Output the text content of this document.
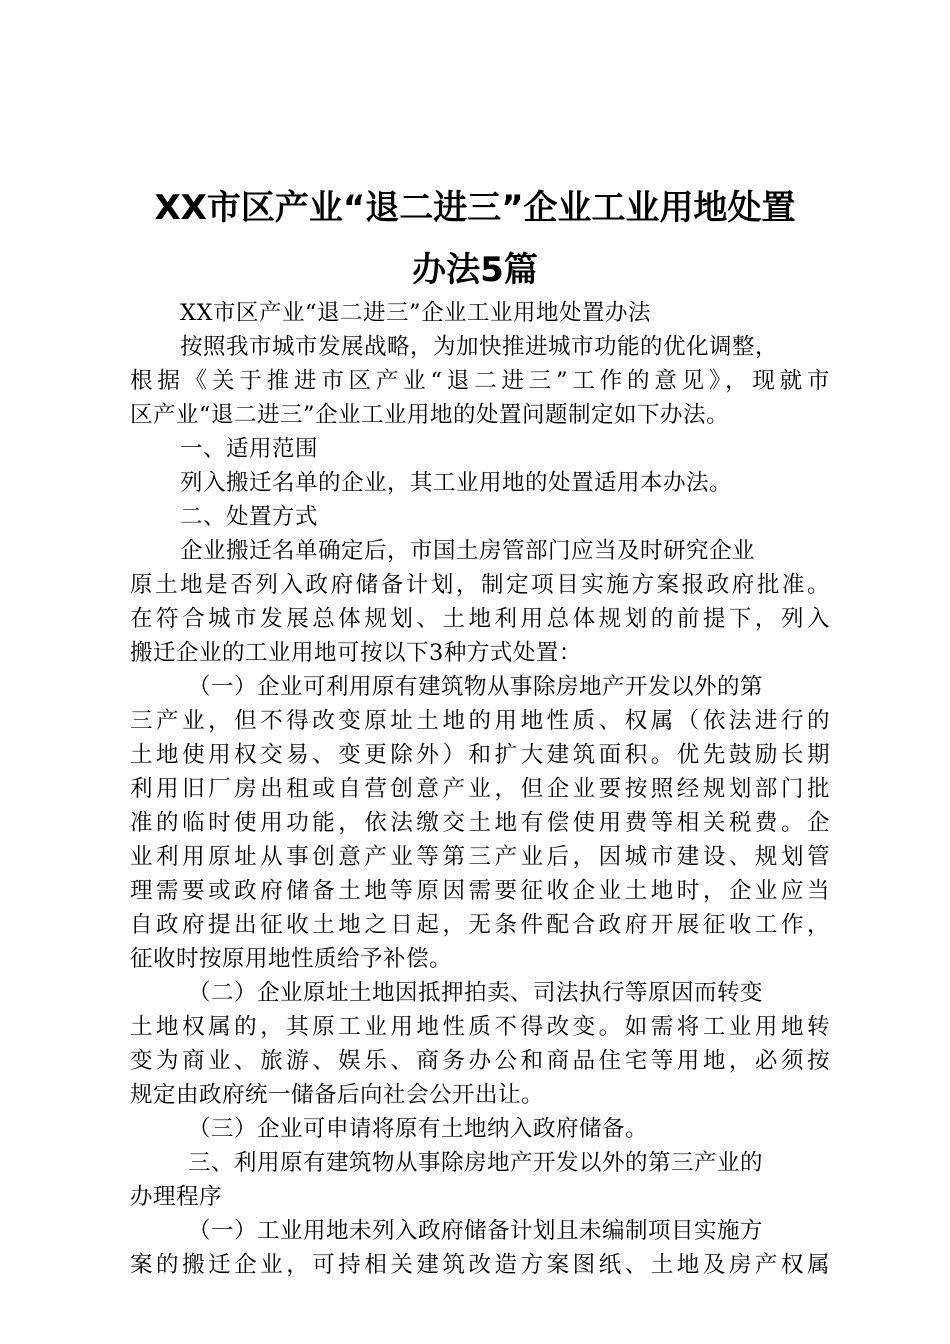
XX市区产业“退二进三”企业工业用地处置
办法5篇
XX市区产业“退二进三”企业工业用地处置办法
按照我市城市发展战略，为加快推进城市功能的优化调整，
根据《关于推进市区产业“退二进三”工作的意见》，现就市
区产业“退二进三”企业工业用地的处置问题制定如下办法。
一、适用范围
列入搬迁名单的企业，其工业用地的处置适用本办法。
二、处置方式
企业搬迁名单确定后，市国土房管部门应当及时研究企业
原土地是否列入政府储备计划，制定项目实施方案报政府批准。
在符合城市发展总体规划、土地利用总体规划的前提下，列入
搬迁企业的工业用地可按以下3种方式处置：
（一）企业可利用原有建筑物从事除房地产开发以外的第
三产业，但不得改变原址土地的用地性质、权属（依法进行的
土地使用权交易、变更除外）和扩大建筑面积。优先鼓励长期
利用旧厂房出租或自营创意产业，但企业要按照经规划部门批
准的临时使用功能，依法缴交土地有偿使用费等相关税费。企
业利用原址从事创意产业等第三产业后，因城市建设、规划管
理需要或政府储备土地等原因需要征收企业土地时，企业应当
自政府提出征收土地之日起，无条件配合政府开展征收工作，
征收时按原用地性质给予补偿。
（二）企业原址土地因抵押拍卖、司法执行等原因而转变
土地权属的，其原工业用地性质不得改变。如需将工业用地转
变为商业、旅游、娱乐、商务办公和商品住宅等用地，必须按
规定由政府统一储备后向社会公开出让。
（三）企业可申请将原有土地纳入政府储备。
三、利用原有建筑物从事除房地产开发以外的第三产业的
办理程序
（一）工业用地未列入政府储备计划且未编制项目实施方
案的搬迁企业，可持相关建筑改造方案图纸、土地及房产权属
